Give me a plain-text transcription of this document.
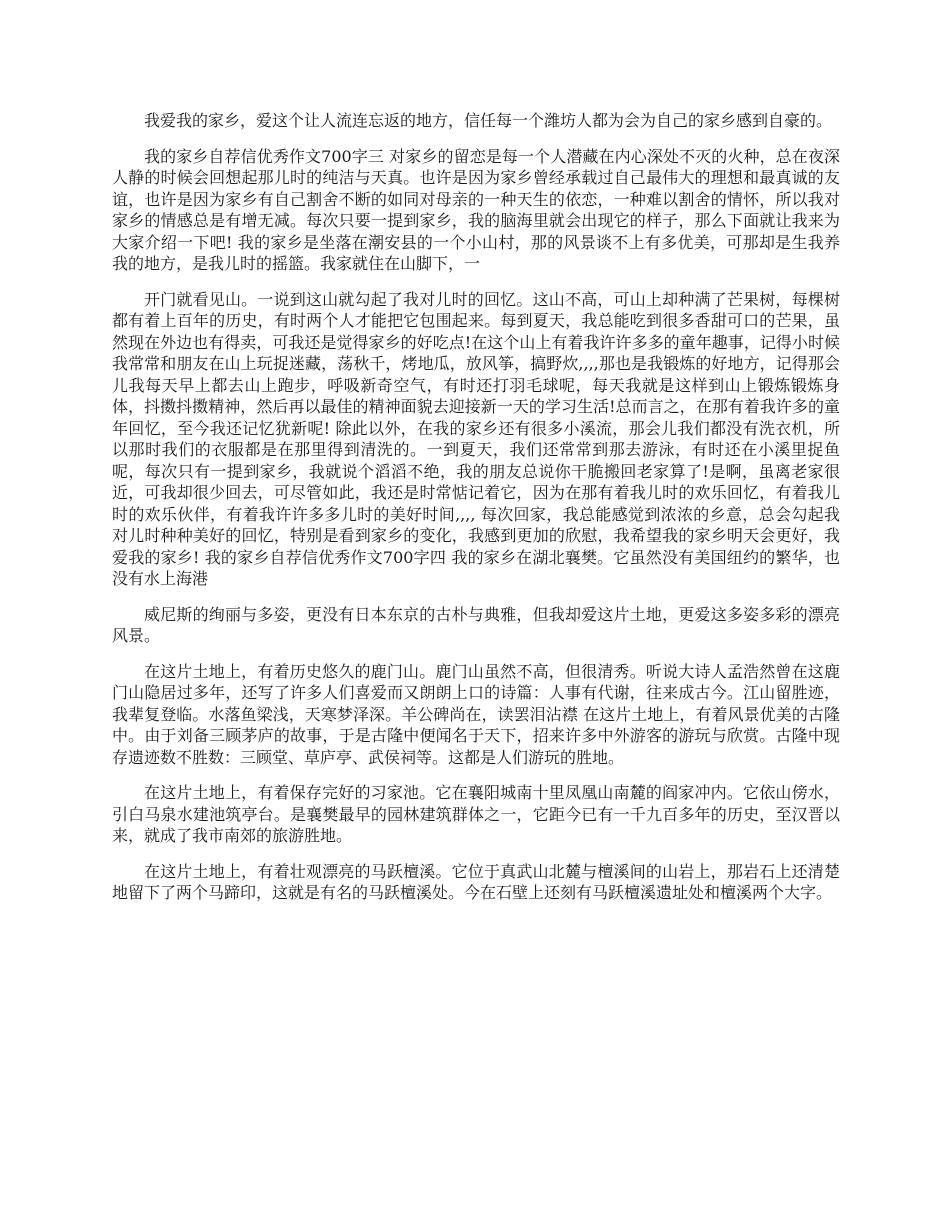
我爱我的家乡，爱这个让人流连忘返的地方，信任每一个潍坊人都为会为自己的家乡感到自豪的。

我的家乡自荐信优秀作文700字三 对家乡的留恋是每一个人潜藏在内心深处不灭的火种，总在夜深人静的时候会回想起那儿时的纯洁与天真。也许是因为家乡曾经承载过自己最伟大的理想和最真诚的友谊，也许是因为家乡有自己割舍不断的如同对母亲的一种天生的依恋，一种难以割舍的情怀，所以我对家乡的情感总是有增无减。每次只要一提到家乡，我的脑海里就会出现它的样子，那么下面就让我来为大家介绍一下吧! 我的家乡是坐落在潮安县的一个小山村，那的风景谈不上有多优美，可那却是生我养我的地方，是我儿时的摇篮。我家就住在山脚下，一

开门就看见山。一说到这山就勾起了我对儿时的回忆。这山不高，可山上却种满了芒果树，每棵树都有着上百年的历史，有时两个人才能把它包围起来。每到夏天，我总能吃到很多香甜可口的芒果，虽然现在外边也有得卖，可我还是觉得家乡的好吃点!在这个山上有着我许许多多的童年趣事，记得小时候我常常和朋友在山上玩捉迷藏，荡秋千，烤地瓜，放风筝，搞野炊,,,,那也是我锻炼的好地方，记得那会儿我每天早上都去山上跑步，呼吸新奇空气，有时还打羽毛球呢，每天我就是这样到山上锻炼锻炼身体，抖擞抖擞精神，然后再以最佳的精神面貌去迎接新一天的学习生活!总而言之，在那有着我许多的童年回忆，至今我还记忆犹新呢! 除此以外，在我的家乡还有很多小溪流，那会儿我们都没有洗衣机，所以那时我们的衣服都是在那里得到清洗的。一到夏天，我们还常常到那去游泳，有时还在小溪里捉鱼呢，每次只有一提到家乡，我就说个滔滔不绝，我的朋友总说你干脆搬回老家算了!是啊，虽离老家很近，可我却很少回去，可尽管如此，我还是时常惦记着它，因为在那有着我儿时的欢乐回忆，有着我儿时的欢乐伙伴，有着我许许多多儿时的美好时间,,,, 每次回家，我总能感觉到浓浓的乡意，总会勾起我对儿时种种美好的回忆，特别是看到家乡的变化，我感到更加的欣慰，我希望我的家乡明天会更好，我爱我的家乡! 我的家乡自荐信优秀作文700字四 我的家乡在湖北襄樊。它虽然没有美国纽约的繁华，也没有水上海港

威尼斯的绚丽与多姿，更没有日本东京的古朴与典雅，但我却爱这片土地，更爱这多姿多彩的漂亮风景。

在这片土地上，有着历史悠久的鹿门山。鹿门山虽然不高，但很清秀。听说大诗人孟浩然曾在这鹿门山隐居过多年，还写了许多人们喜爱而又朗朗上口的诗篇：人事有代谢，往来成古今。江山留胜迹，我辈复登临。水落鱼梁浅，天寒梦泽深。羊公碑尚在，读罢泪沾襟 在这片土地上，有着风景优美的古隆中。由于刘备三顾茅庐的故事，于是古隆中便闻名于天下，招来许多中外游客的游玩与欣赏。古隆中现存遗迹数不胜数：三顾堂、草庐亭、武侯祠等。这都是人们游玩的胜地。

在这片土地上，有着保存完好的习家池。它在襄阳城南十里凤凰山南麓的阎家冲内。它依山傍水，引白马泉水建池筑亭台。是襄樊最早的园林建筑群体之一，它距今已有一千九百多年的历史，至汉晋以来，就成了我市南郊的旅游胜地。

在这片土地上，有着壮观漂亮的马跃檀溪。它位于真武山北麓与檀溪间的山岩上，那岩石上还清楚地留下了两个马蹄印，这就是有名的马跃檀溪处。今在石壁上还刻有马跃檀溪遗址处和檀溪两个大字。
